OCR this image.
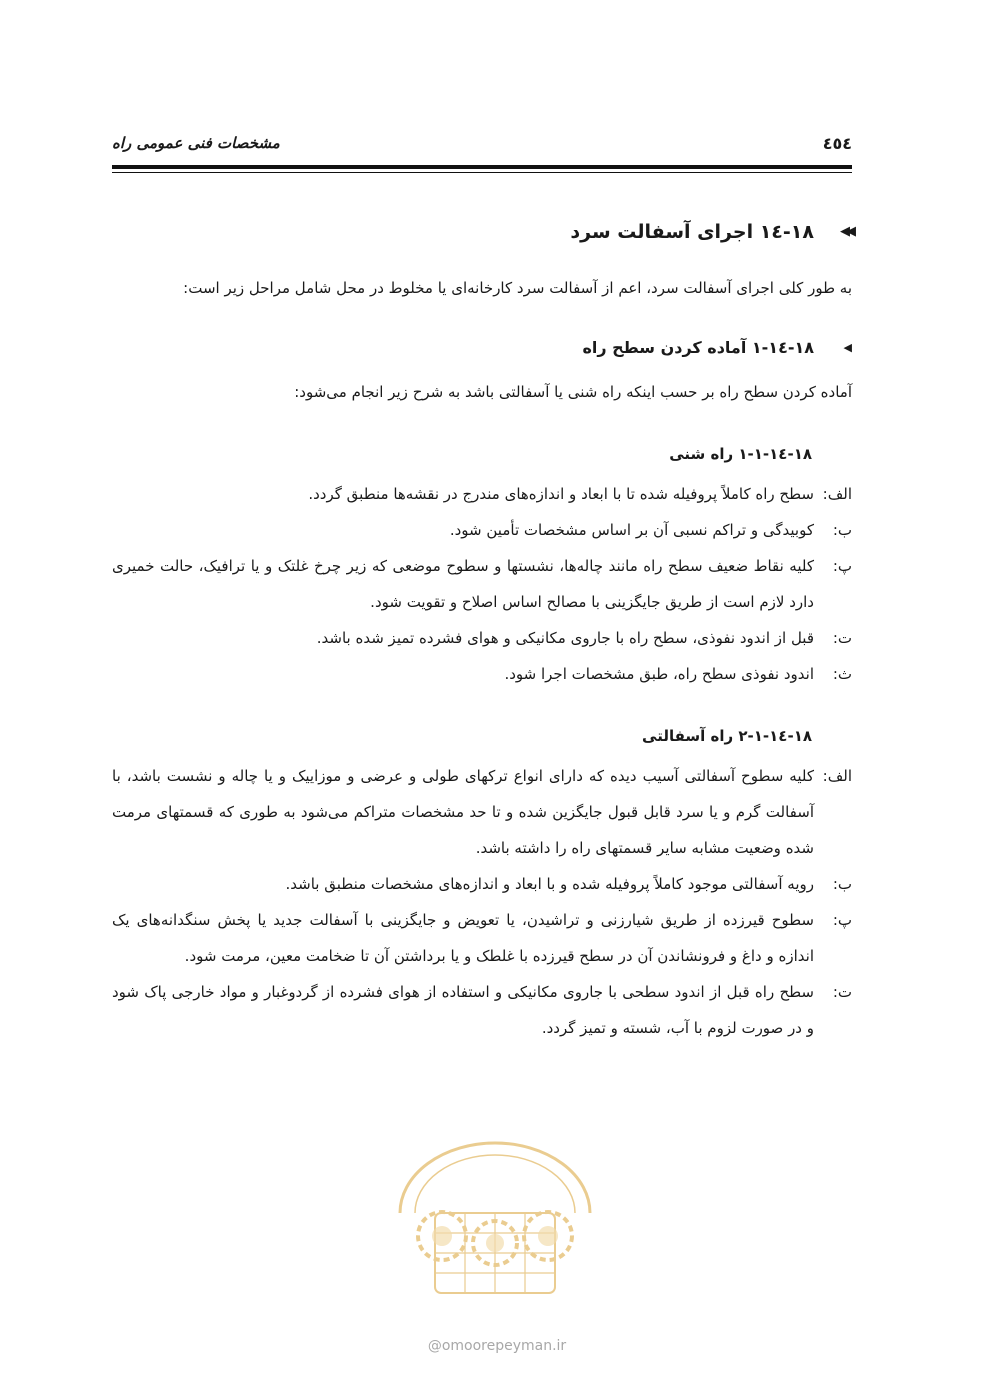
٤٥٤
مشخصات فنی عمومی راه
◀◀
١٨-١٤ اجرای آسفالت سرد
به طور کلی اجرای آسفالت سرد، اعم از آسفالت سرد کارخانه‌ای یا مخلوط در محل شامل مراحل زیر است:
◀
١٨-١٤-١ آماده کردن سطح راه
آماده کردن سطح راه بر حسب اینکه راه شنی یا آسفالتی باشد به شرح زیر انجام می‌شود:
١٨-١٤-١-١ راه شنی
الف:
سطح راه کاملاً پروفیله شده تا با ابعاد و اندازه‌های مندرج در نقشه‌ها منطبق گردد.
ب:
کوبیدگی و تراکم نسبی آن بر اساس مشخصات تأمین شود.
پ:
کلیه نقاط ضعیف سطح راه مانند چاله‌ها، نشستها و سطوح موضعی که زیر چرخ غلتک و یا ترافیک، حالت خمیری دارد لازم است از طریق جایگزینی با مصالح اساس اصلاح و تقویت شود.
ت:
قبل از اندود نفوذی، سطح راه با جاروی مکانیکی و هوای فشرده تمیز شده باشد.
ث:
اندود نفوذی سطح راه، طبق مشخصات اجرا شود.
١٨-١٤-١-٢ راه آسفالتی
الف:
کلیه سطوح آسفالتی آسیب دیده که دارای انواع ترکهای طولی و عرضی و موزاییک و یا چاله و نشست باشد، با آسفالت گرم و یا سرد قابل قبول جایگزین شده و تا حد مشخصات متراکم می‌شود به طوری که قسمتهای مرمت شده وضعیت مشابه سایر قسمتهای راه را داشته باشد.
ب:
رویه آسفالتی موجود کاملاً پروفیله شده و با ابعاد و اندازه‌های مشخصات منطبق باشد.
پ:
سطوح قیرزده از طریق شیارزنی و تراشیدن، یا تعویض و جایگزینی با آسفالت جدید یا پخش سنگدانه‌های یک اندازه و داغ و فرونشاندن آن در سطح قیرزده با غلطک و یا برداشتن آن تا ضخامت معین، مرمت شود.
ت:
سطح راه قبل از اندود سطحی با جاروی مکانیکی و استفاده از هوای فشرده از گردوغبار و مواد خارجی پاک شود و در صورت لزوم با آب، شسته و تمیز گردد.
@omoorepeyman.ir
